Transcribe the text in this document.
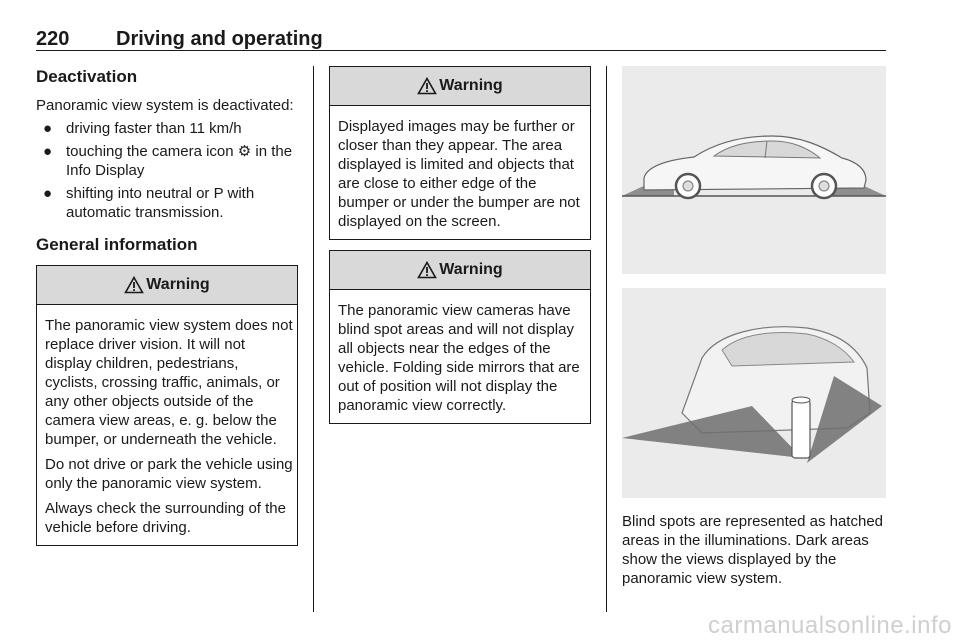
220 Driving and operating
Deactivation

Panoramic view system is deactivated:

● driving faster than 11 km/h
● touching the camera icon ⚙ in the Info Display
● shifting into neutral or P with automatic transmission.
General information
Warning

The panoramic view system does not replace driver vision. It will not display children, pedestrians, cyclists, crossing traffic, animals, or any other objects outside of the camera view areas, e. g. below the bumper, or underneath the vehicle.

Do not drive or park the vehicle using only the panoramic view system.

Always check the surrounding of the vehicle before driving.

Warning

Displayed images may be further or closer than they appear. The area displayed is limited and objects that are close to either edge of the bumper or under the bumper are not displayed on the screen.

Warning

The panoramic view cameras have blind spot areas and will not display all objects near the edges of the vehicle. Folding side mirrors that are out of position will not display the panoramic view correctly.

Blind spots are represented as hatched areas in the illuminations. Dark areas show the views displayed by the panoramic view system.

carmanualsonline.info
